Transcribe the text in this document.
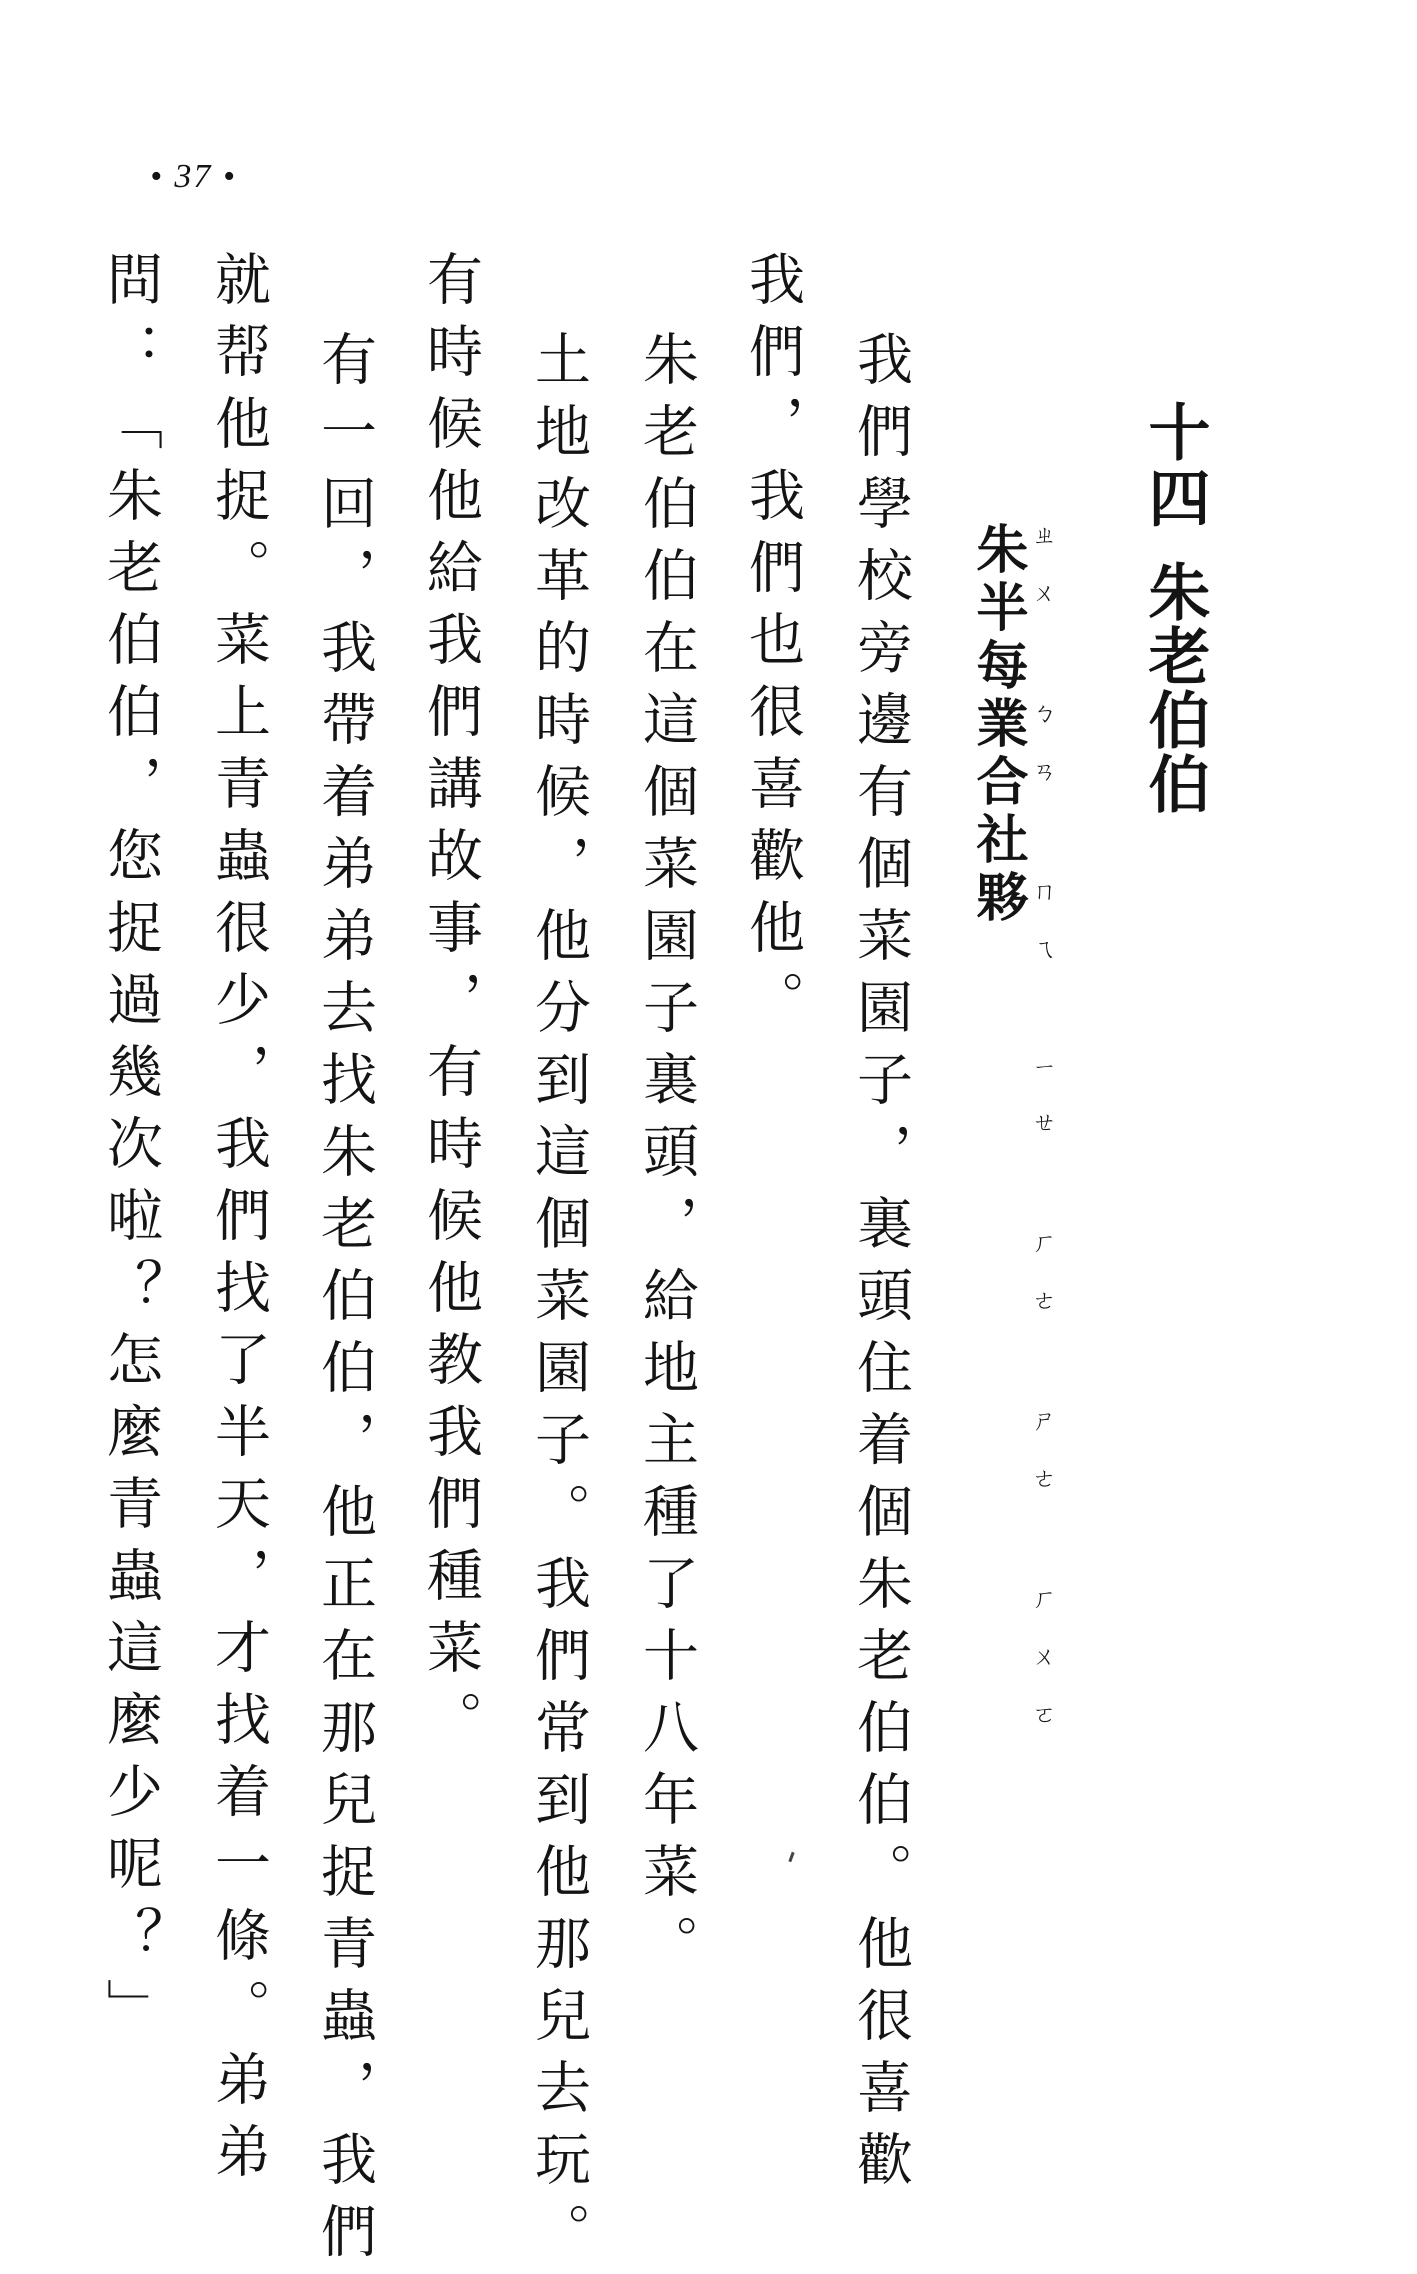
• 37 •
十四
朱老伯伯
朱半每業合社夥 ㄓㄨ ㄅㄢ ㄇㄟ ㄧㄝ ㄏㄜ ㄕㄜ ㄏㄨㄛ
我們學校旁邊有個菜園子，裏頭住着個朱老伯伯。他很喜歡
我們，我們也很喜歡他。
朱老伯伯在這個菜園子裏頭，給地主種了十八年菜。
土地改革的時候，他分到這個菜園子。我們常到他那兒去玩。
有時候他給我們講故事，有時候他教我們種菜。
有一回，我帶着弟弟去找朱老伯伯，他正在那兒捉青蟲，我們
就帮他捉。菜上青蟲很少，我們找了半天，才找着一條。弟弟
問：「朱老伯伯，您捉過幾次啦？怎麼青蟲這麼少呢？」
